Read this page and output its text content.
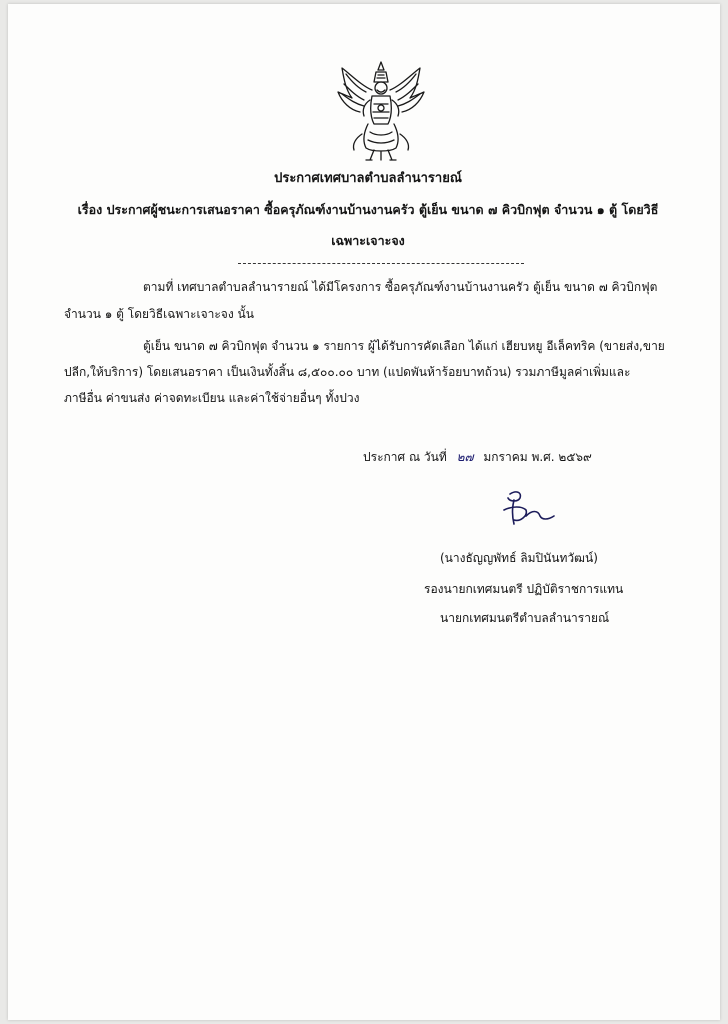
ประกาศเทศบาลตำบลลำนารายณ์
เรื่อง ประกาศผู้ชนะการเสนอราคา ซื้อครุภัณฑ์งานบ้านงานครัว ตู้เย็น ขนาด ๗ คิวบิกฟุต จำนวน ๑ ตู้ โดยวิธี
เฉพาะเจาะจง
ตามที่ เทศบาลตำบลลำนารายณ์ ได้มีโครงการ ซื้อครุภัณฑ์งานบ้านงานครัว ตู้เย็น ขนาด ๗ คิวบิกฟุต
จำนวน ๑ ตู้ โดยวิธีเฉพาะเจาะจง นั้น
ตู้เย็น ขนาด ๗ คิวบิกฟุต จำนวน ๑ รายการ ผู้ได้รับการคัดเลือก ได้แก่ เฮียบหยู อีเล็คทริค (ขายส่ง,ขาย
ปลีก,ให้บริการ) โดยเสนอราคา เป็นเงินทั้งสิ้น ๘,๕๐๐.๐๐ บาท (แปดพันห้าร้อยบาทถ้วน) รวมภาษีมูลค่าเพิ่มและ
ภาษีอื่น ค่าขนส่ง ค่าจดทะเบียน และค่าใช้จ่ายอื่นๆ ทั้งปวง
ประกาศ ณ วันที่ ๒๗ มกราคม พ.ศ. ๒๕๖๙
(นางธัญญพัทธ์ ลิมปินันทวัฒน์)
รองนายกเทศมนตรี ปฏิบัติราชการแทน
นายกเทศมนตรีตำบลลำนารายณ์
